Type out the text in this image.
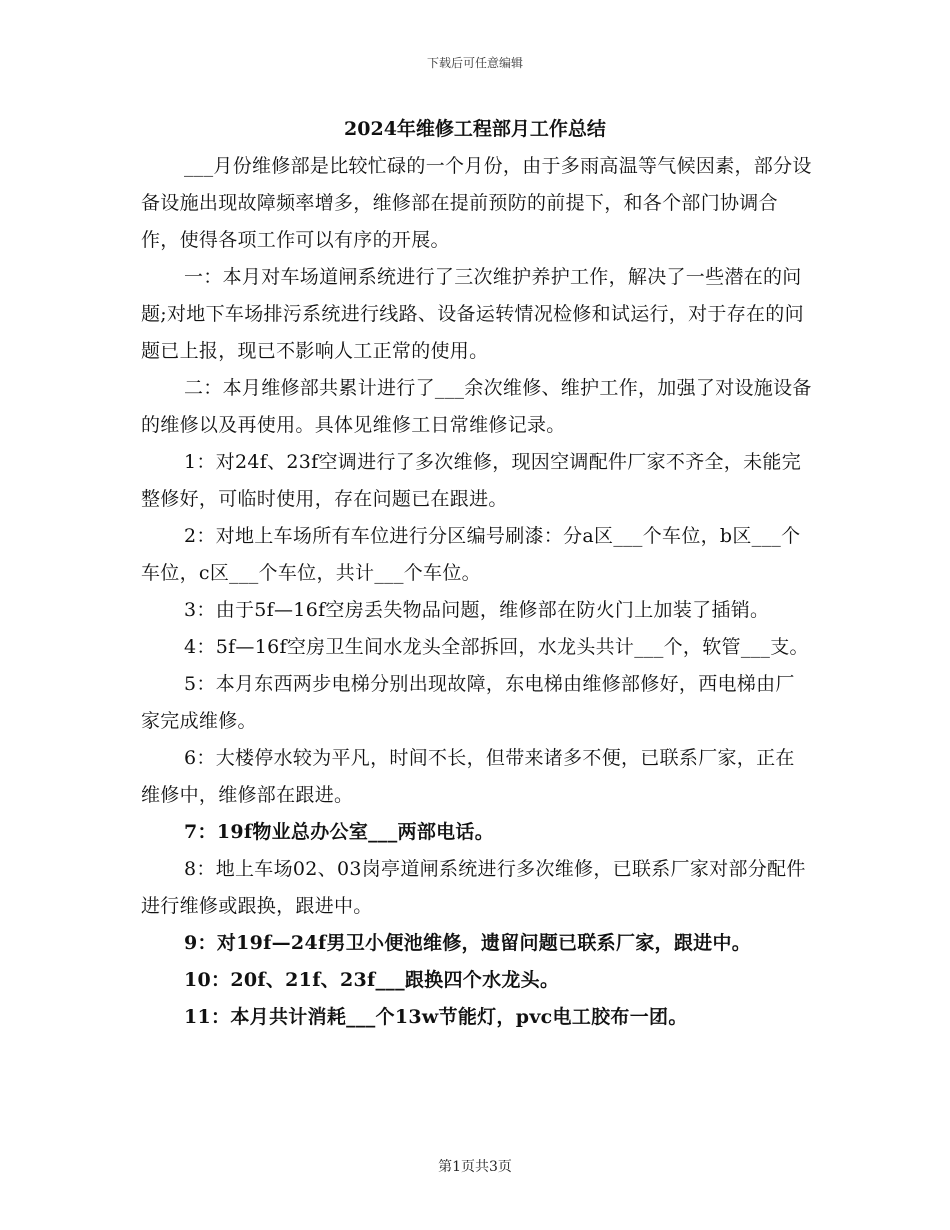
下载后可任意编辑
2024年维修工程部月工作总结
___月份维修部是比较忙碌的一个月份，由于多雨高温等气候因素，部分设备设施出现故障频率增多，维修部在提前预防的前提下，和各个部门协调合作，使得各项工作可以有序的开展。
一：本月对车场道闸系统进行了三次维护养护工作，解决了一些潜在的问题;对地下车场排污系统进行线路、设备运转情况检修和试运行，对于存在的问题已上报，现已不影响人工正常的使用。
二：本月维修部共累计进行了___余次维修、维护工作，加强了对设施设备的维修以及再使用。具体见维修工日常维修记录。
1：对24f、23f空调进行了多次维修，现因空调配件厂家不齐全，未能完整修好，可临时使用，存在问题已在跟进。
2：对地上车场所有车位进行分区编号刷漆：分a区___个车位，b区___个车位，c区___个车位，共计___个车位。
3：由于5f—16f空房丢失物品问题，维修部在防火门上加装了插销。
4：5f—16f空房卫生间水龙头全部拆回，水龙头共计___个，软管___支。
5：本月东西两步电梯分别出现故障，东电梯由维修部修好，西电梯由厂家完成维修。
6：大楼停水较为平凡，时间不长，但带来诸多不便，已联系厂家，正在维修中，维修部在跟进。
7：19f物业总办公室___两部电话。
8：地上车场02、03岗亭道闸系统进行多次维修，已联系厂家对部分配件进行维修或跟换，跟进中。
9：对19f—24f男卫小便池维修，遗留问题已联系厂家，跟进中。
10：20f、21f、23f___跟换四个水龙头。
11：本月共计消耗___个13w节能灯，pvc电工胶布一团。
第1页共3页
